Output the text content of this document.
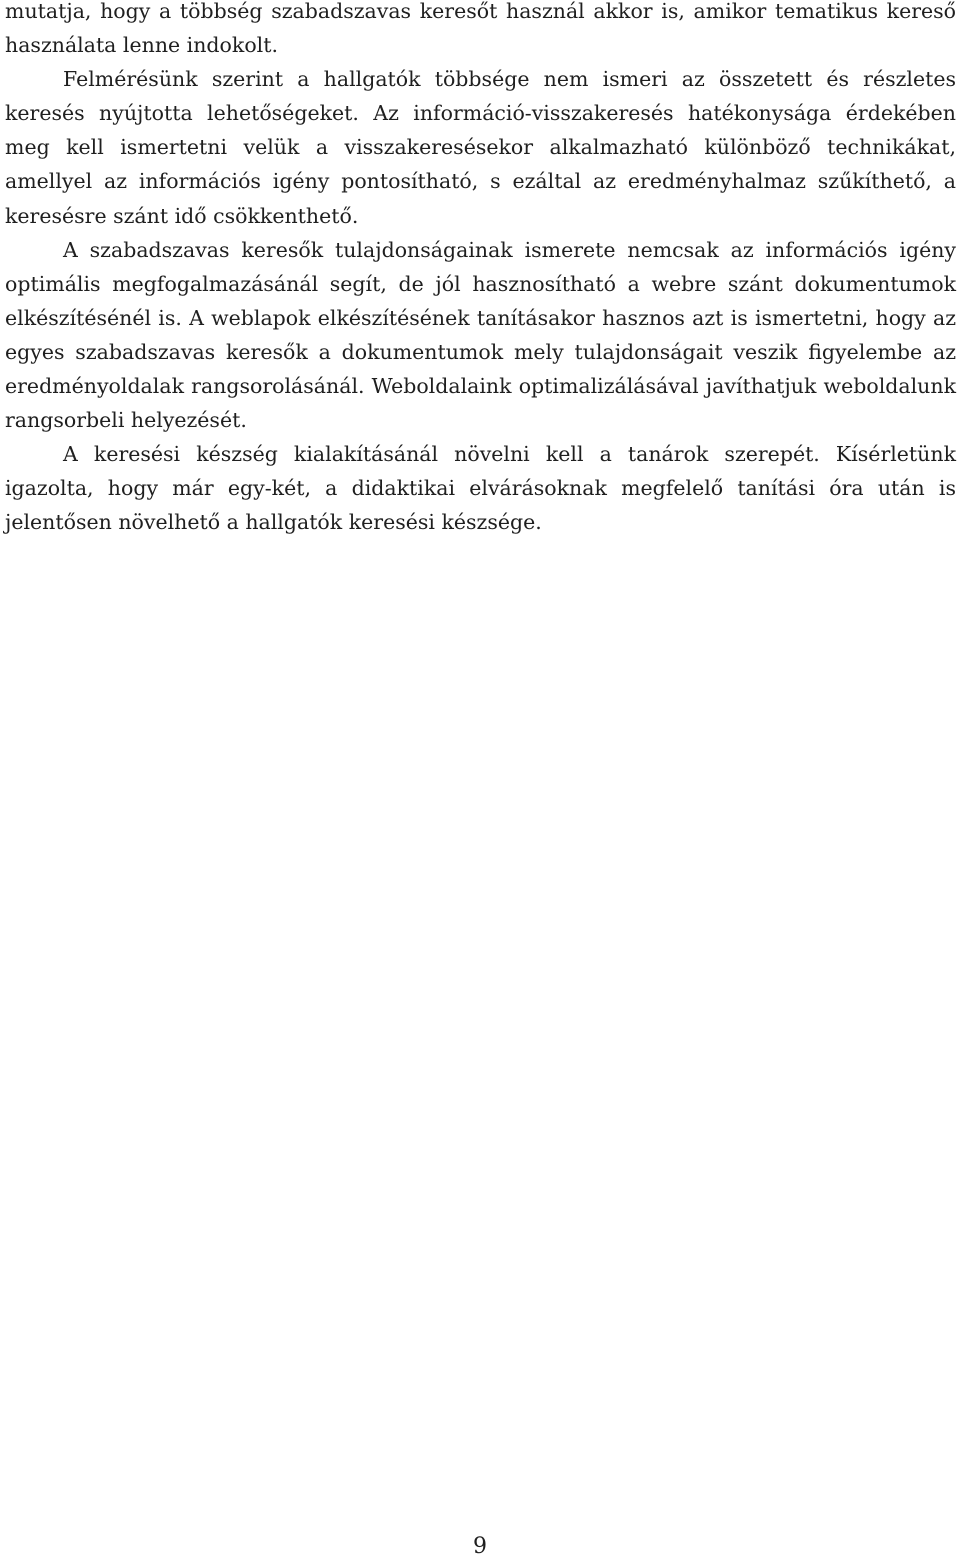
mutatja, hogy a többség szabadszavas keresőt használ akkor is, amikor tematikus kereső használata lenne indokolt.

Felmérésünk szerint a hallgatók többsége nem ismeri az összetett és részletes keresés nyújtotta lehetőségeket. Az információ-visszakeresés hatékonysága érdekében meg kell ismertetni velük a visszakeresésekor alkalmazható különböző technikákat, amellyel az információs igény pontosítható, s ezáltal az eredményhalmaz szűkíthető, a keresésre szánt idő csökkenthető.

A szabadszavas keresők tulajdonságainak ismerete nemcsak az információs igény optimális megfogalmazásánál segít, de jól hasznosítható a webre szánt dokumentumok elkészítésénél is. A weblapok elkészítésének tanításakor hasznos azt is ismertetni, hogy az egyes szabadszavas keresők a dokumentumok mely tulajdonságait veszik figyelembe az eredményoldalak rangsorolásánál. Weboldalaink optimalizálásával javíthatjuk weboldalunk rangsorbeli helyezését.

A keresési készség kialakításánál növelni kell a tanárok szerepét. Kísérletünk igazolta, hogy már egy-két, a didaktikai elvárásoknak megfelelő tanítási óra után is jelentősen növelhető a hallgatók keresési készsége.

9
